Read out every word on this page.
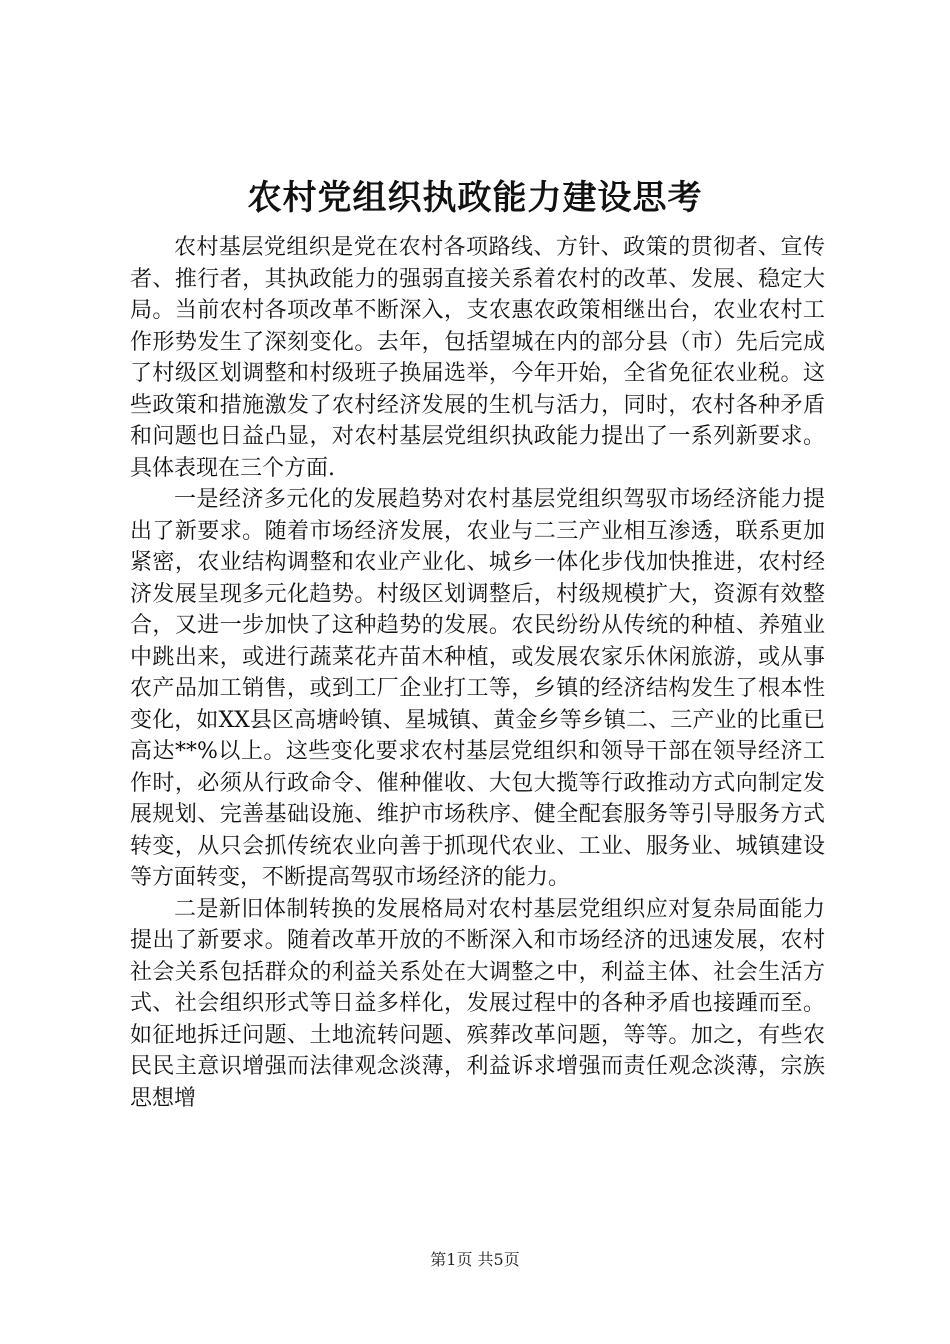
农村党组织执政能力建设思考

农村基层党组织是党在农村各项路线、方针、政策的贯彻者、宣传者、推行者，其执政能力的强弱直接关系着农村的改革、发展、稳定大局。当前农村各项改革不断深入，支农惠农政策相继出台，农业农村工作形势发生了深刻变化。去年，包括望城在内的部分县（市）先后完成了村级区划调整和村级班子换届选举，今年开始，全省免征农业税。这些政策和措施激发了农村经济发展的生机与活力，同时，农村各种矛盾和问题也日益凸显，对农村基层党组织执政能力提出了一系列新要求。具体表现在三个方面.

一是经济多元化的发展趋势对农村基层党组织驾驭市场经济能力提出了新要求。随着市场经济发展，农业与二三产业相互渗透，联系更加紧密，农业结构调整和农业产业化、城乡一体化步伐加快推进，农村经济发展呈现多元化趋势。村级区划调整后，村级规模扩大，资源有效整合，又进一步加快了这种趋势的发展。农民纷纷从传统的种植、养殖业中跳出来，或进行蔬菜花卉苗木种植，或发展农家乐休闲旅游，或从事农产品加工销售，或到工厂企业打工等，乡镇的经济结构发生了根本性变化，如XX县区高塘岭镇、星城镇、黄金乡等乡镇二、三产业的比重已高达**%以上。这些变化要求农村基层党组织和领导干部在领导经济工作时，必须从行政命令、催种催收、大包大揽等行政推动方式向制定发展规划、完善基础设施、维护市场秩序、健全配套服务等引导服务方式转变，从只会抓传统农业向善于抓现代农业、工业、服务业、城镇建设等方面转变，不断提高驾驭市场经济的能力。

二是新旧体制转换的发展格局对农村基层党组织应对复杂局面能力提出了新要求。随着改革开放的不断深入和市场经济的迅速发展，农村社会关系包括群众的利益关系处在大调整之中，利益主体、社会生活方式、社会组织形式等日益多样化，发展过程中的各种矛盾也接踵而至。如征地拆迁问题、土地流转问题、殡葬改革问题，等等。加之，有些农民民主意识增强而法律观念淡薄，利益诉求增强而责任观念淡薄，宗族思想增

第1页 共5页
